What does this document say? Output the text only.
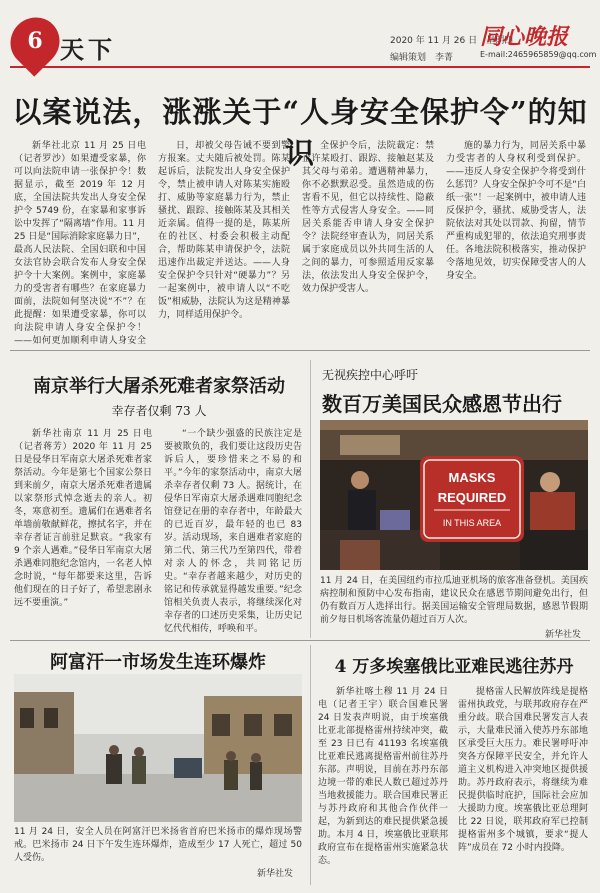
6 天下	2020 年 11 月 26 日　星期四
编辑策划　李菁
同心晚报
E-mail:2465965859@qq.com
以案说法，涨涨关于“人身安全保护令”的知识

新华社北京 11 月 25 日电（记者罗沙）如果遭受家暴，你可以向法院申请一张保护令！数据显示，截至 2019 年 12 月底，全国法院共发出人身安全保护令 5749 份，在家暴和家事诉讼中发挥了“隔离墙”作用。11 月 25 日是“国际消除家庭暴力日”，最高人民法院、全国妇联和中国女法官协会联合发布人身安全保护令十大案例。案例中，家庭暴力的受害者有哪些？在家庭暴力面前，法院如何坚决说“不”？在此提醒：如果遭受家暴，你可以向法院申请人身安全保护令！——如何更加顺利申请人身安全

日，却被父母告诫不要到警方报案。丈夫随后被处罚。陈某起诉后，法院发出人身安全保护令，禁止被申请人对陈某实施殴打、威胁等家庭暴力行为，禁止骚扰、跟踪、接触陈某及其相关近亲属。值得一提的是，陈某所在的社区、村委会积极主动配合，帮助陈某申请保护令，法院迅速作出裁定并送达。——人身安全保护令只针对“硬暴力”？另一起案例中，被申请人以“不吃饭”相威胁，法院认为这是精神暴力，同样适用保护令。

全保护令后，法院裁定：禁止许某殴打、跟踪、接触赵某及其父母与弟弟。遭遇精神暴力，你不必默默忍受。虽然造成的伤害看不见，但它以持续性、隐蔽性等方式侵害人身安全。——同居关系能否申请人身安全保护令？法院经审查认为，同居关系属于家庭成员以外共同生活的人之间的暴力，可参照适用反家暴法，依法发出人身安全保护令，效力保护受害人。

施的暴力行为，同居关系中暴力受害者的人身权利受到保护。——违反人身安全保护令将受到什么惩罚？人身安全保护令可不是“白纸一张”！一起案例中，被申请人违反保护令，骚扰、威胁受害人，法院依法对其处以罚款、拘留，情节严重构成犯罪的，依法追究刑事责任。各地法院积极落实，推动保护令落地见效，切实保障受害人的人身安全。

南京举行大屠杀死难者家祭活动
幸存者仅剩 73 人

新华社南京 11 月 25 日电（记者蒋芳）2020 年 11 月 25 日是侵华日军南京大屠杀死难者家祭活动。今年是第七个国家公祭日到来前夕，南京大屠杀死难者遗属以家祭形式悼念逝去的亲人。初冬，寒意初至。遗属们在遇难者名单墙前敬献鲜花，擦拭名字，并在幸存者证言前驻足默哀。“我家有 9 个亲人遇难。”侵华日军南京大屠杀遇难同胞纪念馆内，一名老人悼念时说，“每年都要来这里，告诉他们现在的日子好了，希望悲剧永远不要重演。”

“一个缺少强盛的民族注定是要被欺负的，我们要让这段历史告诉后人，要珍惜来之不易的和平。”今年的家祭活动中，南京大屠杀幸存者仅剩 73 人。据统计，在侵华日军南京大屠杀遇难同胞纪念馆登记在册的幸存者中，年龄最大的已近百岁，最年轻的也已 83 岁。活动现场，来自遇难者家庭的第二代、第三代乃至第四代，带着对亲人的怀念，共同铭记历史。“幸存者越来越少，对历史的铭记和传承就显得越发重要。”纪念馆相关负责人表示，将继续深化对幸存者的口述历史采集，让历史记忆代代相传，呼唤和平。

无视疾控中心呼吁
数百万美国民众感恩节出行
MASKS
REQUIRED
IN THIS AREA
11 月 24 日，在美国纽约市拉瓜迪亚机场的旅客准备登机。美国疾病控制和预防中心发布指南，建议民众在感恩节期间避免出行，但仍有数百万人选择出行。据美国运输安全管理局数据，感恩节假期前夕每日机场客流量仍超过百万人次。
新华社发
阿富汗一市场发生连环爆炸
11 月 24 日，安全人员在阿富汗巴米扬省首府巴米扬市的爆炸现场警戒。巴米扬市 24 日下午发生连环爆炸，造成至少 17 人死亡，超过 50 人受伤。
新华社发
4 万多埃塞俄比亚难民逃往苏丹

新华社喀土穆 11 月 24 日电（记者王宇）联合国难民署 24 日发表声明说，由于埃塞俄比亚北部提格雷州持续冲突，截至 23 日已有 41193 名埃塞俄比亚难民逃离提格雷州前往苏丹东部。声明说，目前在苏丹东部边境一带的难民人数已超过苏丹当地救援能力。联合国难民署正与苏丹政府和其他合作伙伴一起，为新到达的难民提供紧急援助。本月 4 日，埃塞俄比亚联邦政府宣布在提格雷州实施紧急状态。

提格雷人民解放阵线是提格雷州执政党，与联邦政府存在严重分歧。联合国难民署发言人表示，大量难民涌入使苏丹东部地区承受巨大压力。难民署呼吁冲突各方保障平民安全，并允许人道主义机构进入冲突地区提供援助。苏丹政府表示，将继续为难民提供临时庇护，国际社会应加大援助力度。埃塞俄比亚总理阿比 22 日说，联邦政府军已控制提格雷州多个城镇，要求“提人阵”成员在 72 小时内投降。
